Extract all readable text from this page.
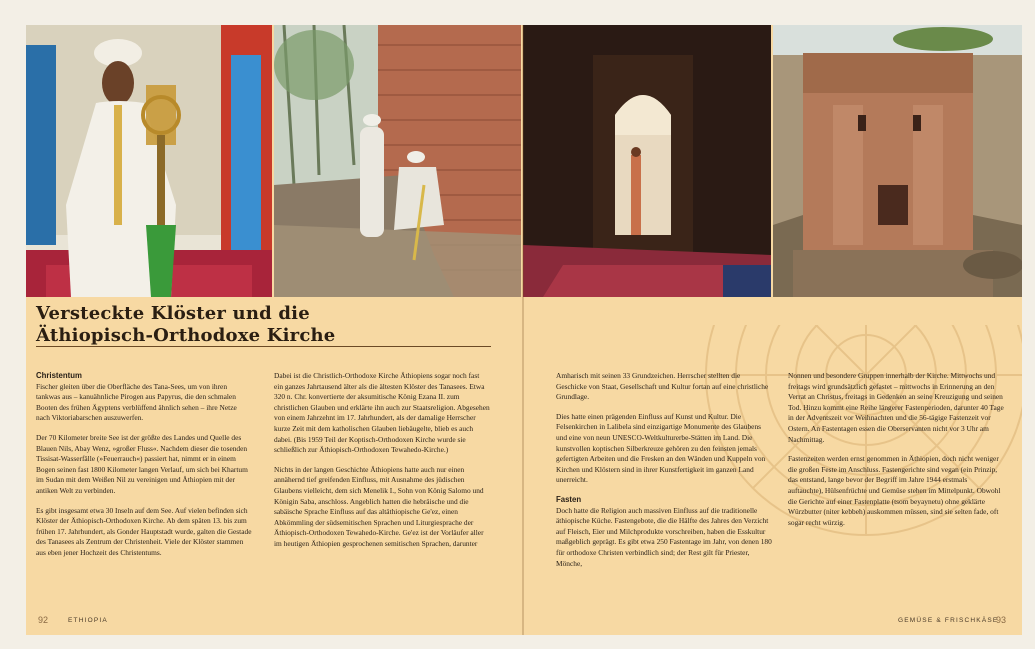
Versteckte Klöster und die
Äthiopisch-Orthodoxe Kirche

Christentum

Fischer gleiten über die Oberfläche des Tana-Sees, um von ihren tankwas aus – kanuähnliche Pirogen aus Papyrus, die den schmalen Booten des frühen Ägyptens verblüffend ähnlich sehen – ihre Netze nach Viktoriabarschen auszuwerfen.

Der 70 Kilometer breite See ist der größte des Landes und Quelle des Blauen Nils, Abay Wenz, »großer Fluss«. Nachdem dieser die tosenden Tissisat-Wasserfälle (»Feuerrauch«) passiert hat, nimmt er in einem Bogen seinen fast 1800 Kilometer langen Verlauf, um sich bei Khartum im Sudan mit dem Weißen Nil zu vereinigen und Äthiopien mit der antiken Welt zu verbinden.

Es gibt insgesamt etwa 30 Inseln auf dem See. Auf vielen befinden sich Klöster der Äthiopisch-Orthodoxen Kirche. Ab dem späten 13. bis zum frühen 17. Jahrhundert, als Gonder Hauptstadt wurde, galten die Gestade des Tanasees als Zentrum der Christenheit. Viele der Klöster stammen aus eben jener Hochzeit des Christentums.

Dabei ist die Christlich-Orthodoxe Kirche Äthiopiens sogar noch fast ein ganzes Jahrtausend älter als die ältesten Klöster des Tanasees. Etwa 320 n. Chr. konvertierte der aksumitische König Ezana II. zum christlichen Glauben und erklärte ihn auch zur Staatsreligion. Abgesehen von einem Jahrzehnt im 17. Jahrhundert, als der damalige Herrscher kurze Zeit mit dem katholischen Glauben liebäugelte, blieb es auch dabei. (Bis 1959 Teil der Koptisch-Orthodoxen Kirche wurde sie schließlich zur Äthiopisch-Orthodoxen Tewahedo-Kirche.)

Nichts in der langen Geschichte Äthiopiens hatte auch nur einen annähernd tief greifenden Einfluss, mit Ausnahme des jüdischen Glaubens vielleicht, dem sich Menelik I., Sohn von König Salomo und Königin Saba, anschloss. Angeblich hatten die hebräische und die sabäische Sprache Einfluss auf das altäthiopische Ge'ez, einen Abkömmling der südsemitischen Sprachen und Liturgiesprache der Äthiopisch-Orthodoxen Tewahedo-Kirche. Ge'ez ist der Vorläufer aller im heutigen Äthiopien gesprochenen semitischen Sprachen, darunter

Amharisch mit seinen 33 Grundzeichen. Herrscher stellten die Geschicke von Staat, Gesellschaft und Kultur fortan auf eine christliche Grundlage.

Dies hatte einen prägenden Einfluss auf Kunst und Kultur. Die Felsenkirchen in Lalibela sind einzigartige Monumente des Glaubens und eine von neun UNESCO-Weltkulturerbe-Stätten im Land. Die kunstvollen koptischen Silberkreuze gehören zu den feinsten jemals gefertigten Arbeiten und die Fresken an den Wänden und Kuppeln von Kirchen und Klöstern sind in ihrer Kunstfertigkeit im ganzen Land unerreicht.

Fasten

Doch hatte die Religion auch massiven Einfluss auf die traditionelle äthiopische Küche. Fastengebote, die die Hälfte des Jahres den Verzicht auf Fleisch, Eier und Milchprodukte vorschreiben, haben die Esskultur maßgeblich geprägt. Es gibt etwa 250 Fastentage im Jahr, von denen 180 für orthodoxe Christen verbindlich sind; der Rest gilt für Priester, Mönche,

Nonnen und besondere Gruppen innerhalb der Kirche. Mittwochs und freitags wird grundsätzlich gefastet – mittwochs in Erinnerung an den Verrat an Christus, freitags in Gedenken an seine Kreuzigung und seinen Tod. Hinzu kommt eine Reihe längerer Fastenperioden, darunter 40 Tage in der Adventszeit vor Weihnachten und die 56-tägige Fastenzeit vor Ostern. An Fastentagen essen die Oberservanten nicht vor 3 Uhr am Nachmittag.

Fastenzeiten werden ernst genommen in Äthiopien, doch nicht weniger die großen Feste im Anschluss. Fastengerichte sind vegan (ein Prinzip, das entstand, lange bevor der Begriff im Jahre 1944 erstmals auftauchte), Hülsenfrüchte und Gemüse stehen im Mittelpunkt. Obwohl die Gerichte auf einer Fastenplatte (tsom beyaynetu) ohne geklärte Würzbutter (niter kebbeh) auskommen müssen, sind sie selten fade, oft sogar recht würzig.

92	ETHIOPIA	GEMÜSE & FRISCHKÄSE
93
